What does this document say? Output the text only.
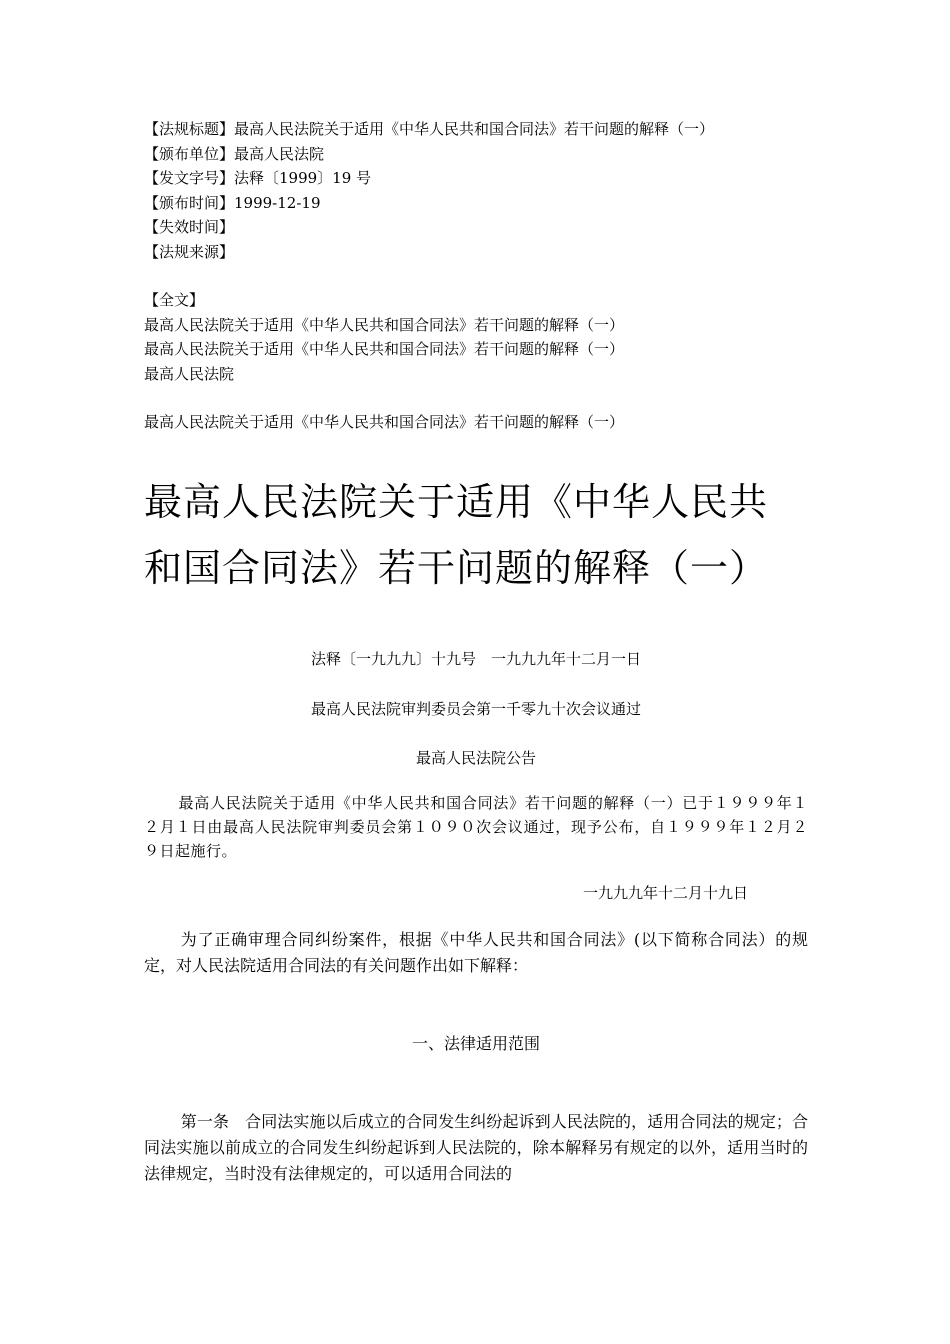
【法规标题】最高人民法院关于适用《中华人民共和国合同法》若干问题的解释（一）
【颁布单位】最高人民法院
【发文字号】法释〔1999〕19 号
【颁布时间】1999-12-19
【失效时间】
【法规来源】
【全文】
最高人民法院关于适用《中华人民共和国合同法》若干问题的解释（一）
最高人民法院关于适用《中华人民共和国合同法》若干问题的解释（一）
最高人民法院
最高人民法院关于适用《中华人民共和国合同法》若干问题的解释（一）
最高人民法院关于适用《中华人民共
和国合同法》若干问题的解释（一）
法释〔一九九九〕十九号　一九九九年十二月一日
最高人民法院审判委员会第一千零九十次会议通过
最高人民法院公告
最高人民法院关于适用《中华人民共和国合同法》若干问题的解释（一）已于１９９９年１２月１日由最高人民法院审判委员会第１０９０次会议通过，现予公布，自１９９９年１２月２９日起施行。
一九九九年十二月十九日
为了正确审理合同纠纷案件，根据《中华人民共和国合同法》(以下简称合同法）的规定，对人民法院适用合同法的有关问题作出如下解释：
一、法律适用范围
第一条　合同法实施以后成立的合同发生纠纷起诉到人民法院的，适用合同法的规定；合同法实施以前成立的合同发生纠纷起诉到人民法院的，除本解释另有规定的以外，适用当时的法律规定，当时没有法律规定的，可以适用合同法的
